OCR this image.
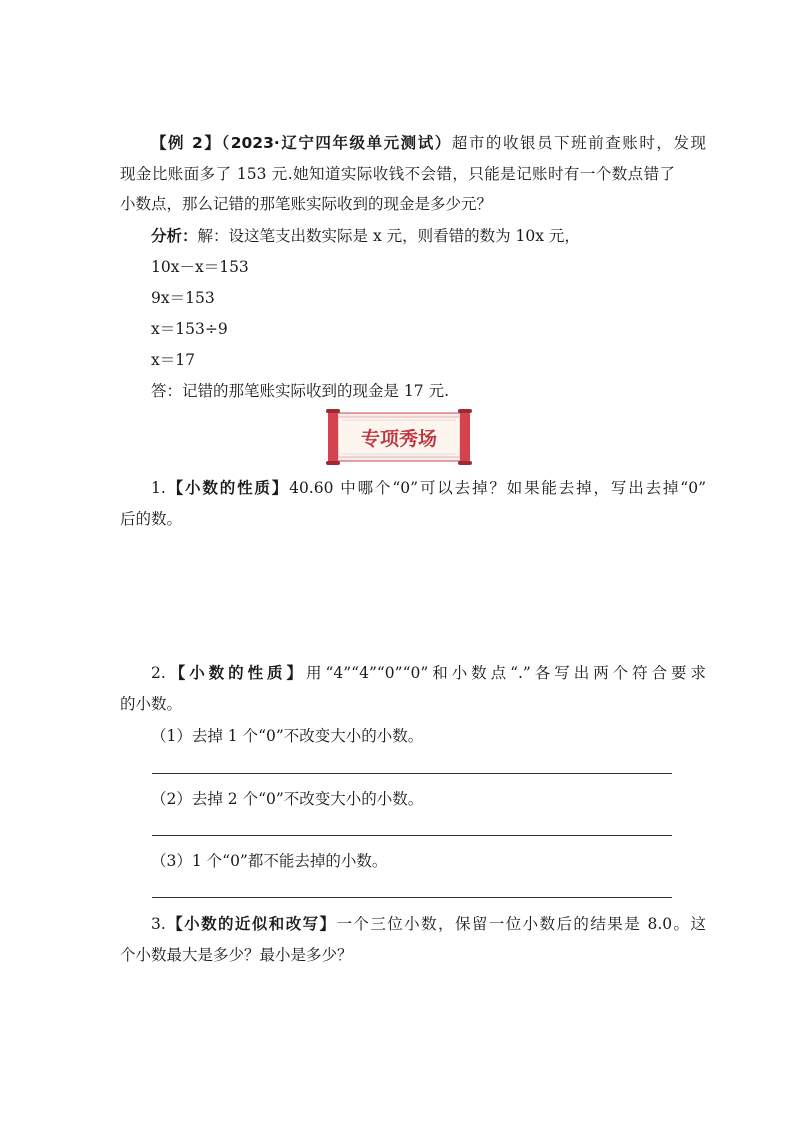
【例 2】（2023·辽宁四年级单元测试）超市的收银员下班前查账时，发现
现金比账面多了 153 元.她知道实际收钱不会错，只能是记账时有一个数点错了
小数点，那么记错的那笔账实际收到的现金是多少元？
分析：解：设这笔支出数实际是 x 元，则看错的数为 10x 元，
10x－x＝153
9x＝153
x＝153÷9
x＝17
答：记错的那笔账实际收到的现金是 17 元.
专项秀场
1.【小数的性质】40.60 中哪个“0”可以去掉？如果能去掉，写出去掉“0”
后的数。
2.【小数的性质】用“4”“4”“0”“0”和小数点“.”各写出两个符合要求
的小数。
（1）去掉 1 个“0”不改变大小的小数。
（2）去掉 2 个“0”不改变大小的小数。
（3）1 个“0”都不能去掉的小数。
3.【小数的近似和改写】一个三位小数，保留一位小数后的结果是 8.0。这
个小数最大是多少？最小是多少？
